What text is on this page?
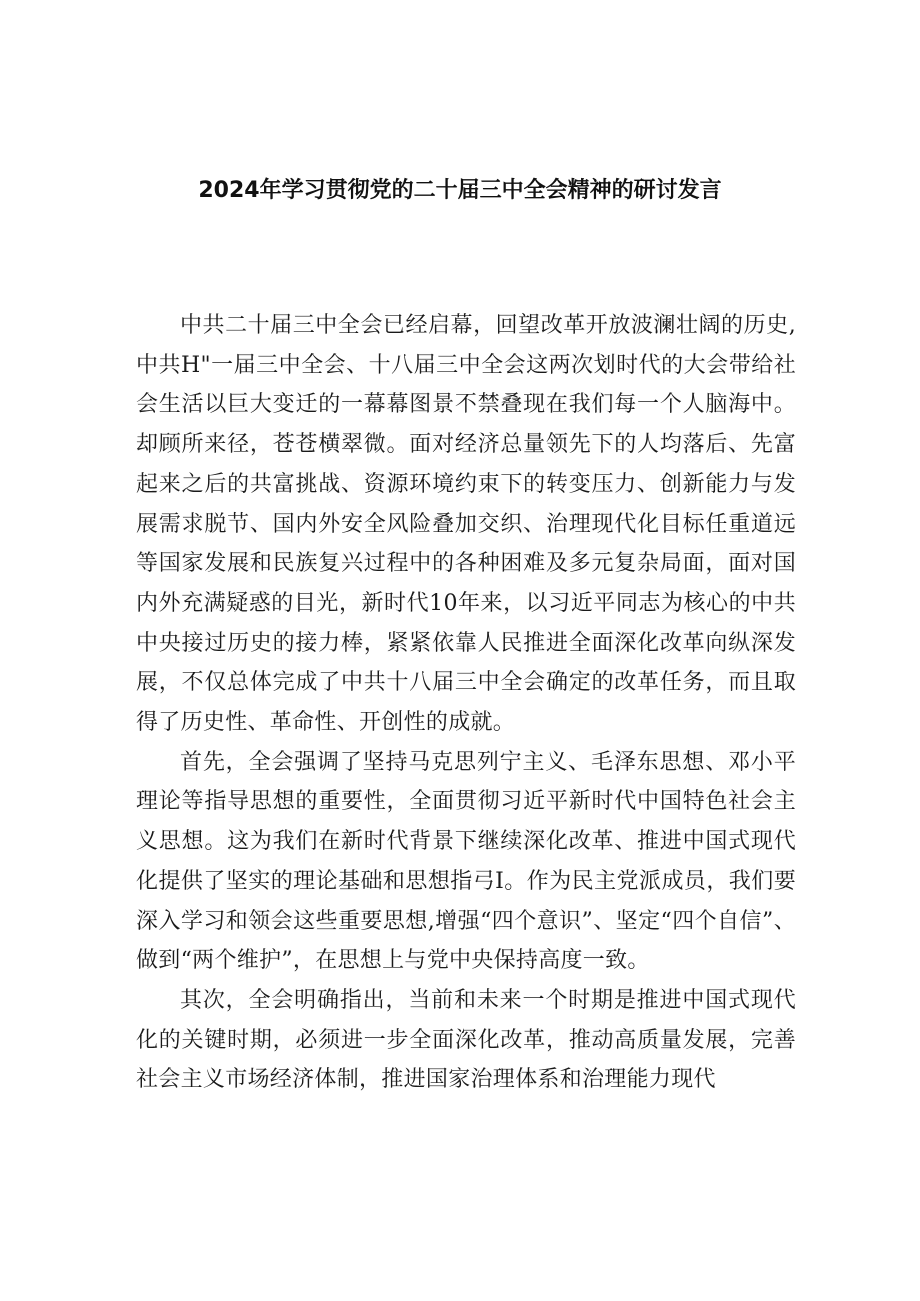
2024年学习贯彻党的二十届三中全会精神的研讨发言

中共二十届三中全会已经启幕，回望改革开放波澜壮阔的历史,中共H"一届三中全会、十八届三中全会这两次划时代的大会带给社会生活以巨大变迁的一幕幕图景不禁叠现在我们每一个人脑海中。却顾所来径，苍苍横翠微。面对经济总量领先下的人均落后、先富起来之后的共富挑战、资源环境约束下的转变压力、创新能力与发展需求脱节、国内外安全风险叠加交织、治理现代化目标任重道远等国家发展和民族复兴过程中的各种困难及多元复杂局面，面对国内外充满疑惑的目光，新时代10年来，以习近平同志为核心的中共中央接过历史的接力棒，紧紧依靠人民推进全面深化改革向纵深发展，不仅总体完成了中共十八届三中全会确定的改革任务，而且取得了历史性、革命性、开创性的成就。

首先，全会强调了坚持马克思列宁主义、毛泽东思想、邓小平理论等指导思想的重要性，全面贯彻习近平新时代中国特色社会主义思想。这为我们在新时代背景下继续深化改革、推进中国式现代化提供了坚实的理论基础和思想指弓I。作为民主党派成员，我们要深入学习和领会这些重要思想,增强“四个意识”、坚定“四个自信”、做到“两个维护”，在思想上与党中央保持高度一致。

其次，全会明确指出，当前和未来一个时期是推进中国式现代化的关键时期，必须进一步全面深化改革，推动高质量发展，完善社会主义市场经济体制，推进国家治理体系和治理能力现代
